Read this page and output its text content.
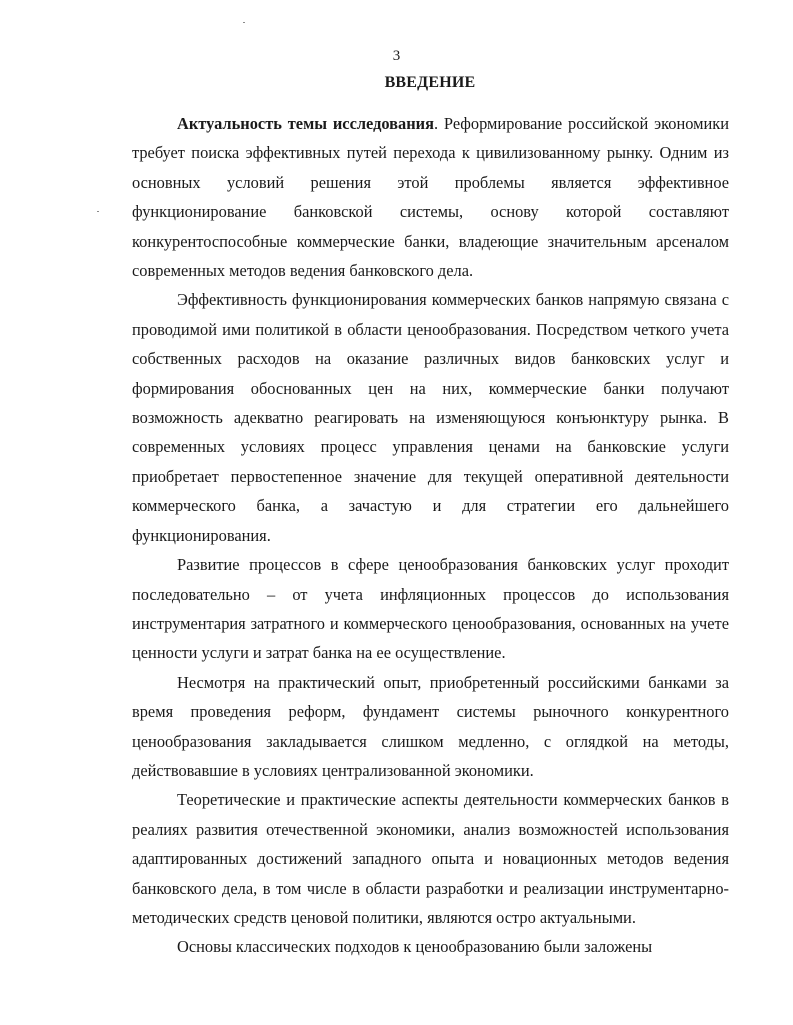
3
ВВЕДЕНИЕ

Актуальность темы исследования. Реформирование российской экономики требует поиска эффективных путей перехода к цивилизованному рынку. Одним из основных условий решения этой проблемы является эффективное функционирование банковской системы, основу которой составляют конкурентоспособные коммерческие банки, владеющие значительным арсеналом современных методов ведения банковского дела.

Эффективность функционирования коммерческих банков напрямую связана с проводимой ими политикой в области ценообразования. Посредством четкого учета собственных расходов на оказание различных видов банковских услуг и формирования обоснованных цен на них, коммерческие банки получают возможность адекватно реагировать на изменяющуюся конъюнктуру рынка. В современных условиях процесс управления ценами на банковские услуги приобретает первостепенное значение для текущей оперативной деятельности коммерческого банка, а зачастую и для стратегии его дальнейшего функционирования.

Развитие процессов в сфере ценообразования банковских услуг проходит последовательно – от учета инфляционных процессов до использования инструментария затратного и коммерческого ценообразования, основанных на учете ценности услуги и затрат банка на ее осуществление.

Несмотря на практический опыт, приобретенный российскими банками за время проведения реформ, фундамент системы рыночного конкурентного ценообразования закладывается слишком медленно, с оглядкой на методы, действовавшие в условиях централизованной экономики.

Теоретические и практические аспекты деятельности коммерческих банков в реалиях развития отечественной экономики, анализ возможностей использования адаптированных достижений западного опыта и новационных методов ведения банковского дела, в том числе в области разработки и реализации инструментарно-методических средств ценовой политики, являются остро актуальными.

Основы классических подходов к ценообразованию были заложены
